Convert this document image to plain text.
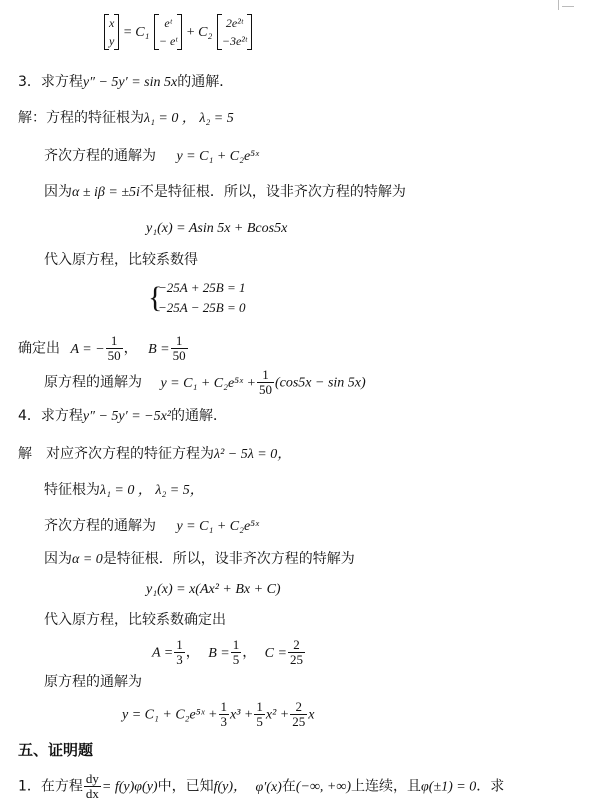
x
y
= C₁
eᵗ
− eᵗ
+ C₂
2e²ᵗ
−3e²ᵗ
3．求方程y″ − 5y′ = sin 5x的通解．
解：方程的特征根为λ₁ = 0 ， λ₂ = 5
齐次方程的通解为 y = C₁ + C₂e⁵ˣ
因为α ± iβ = ±5i不是特征根．所以，设非齐次方程的特解为
y₁(x) = Asin 5x + Bcos5x
代入原方程，比较系数得
{
−25A + 25B = 1
−25A − 25B = 0
确定出 A = − $\frac{1}{50}$ ， $B = \frac{1}{50}$
原方程的通解为 y = C₁ + C₂e⁵ˣ + $\frac{1}{50} (\cos 5x - \sin 5x)$
4．求方程y″ − 5y′ = −5x²的通解．
解　对应齐次方程的特征方程为λ² − 5λ = 0，
特征根为λ₁ = 0 ， λ₂ = 5，
齐次方程的通解为 y = C₁ + C₂e⁵ˣ
因为α = 0是特征根．所以，设非齐次方程的特解为
y₁(x) = x(Ax² + Bx + C)
代入原方程，比较系数确定出
$A = \frac{1}{3}$ ， $B = \frac{1}{5}$ ， $C = \frac{2}{25}$
原方程的通解为
y = C₁ + C₂e⁵ˣ + $\frac{1}{3} x^3 + \frac{1}{5} x^2 + \frac{2}{25}$ x
五、证明题
1．在方程 $\frac{dy}{dx} = f(y)\varphi(y)$中，已知f(y)， φ′(x)在(−∞, +∞)上连续，且φ(±1) = 0．求
